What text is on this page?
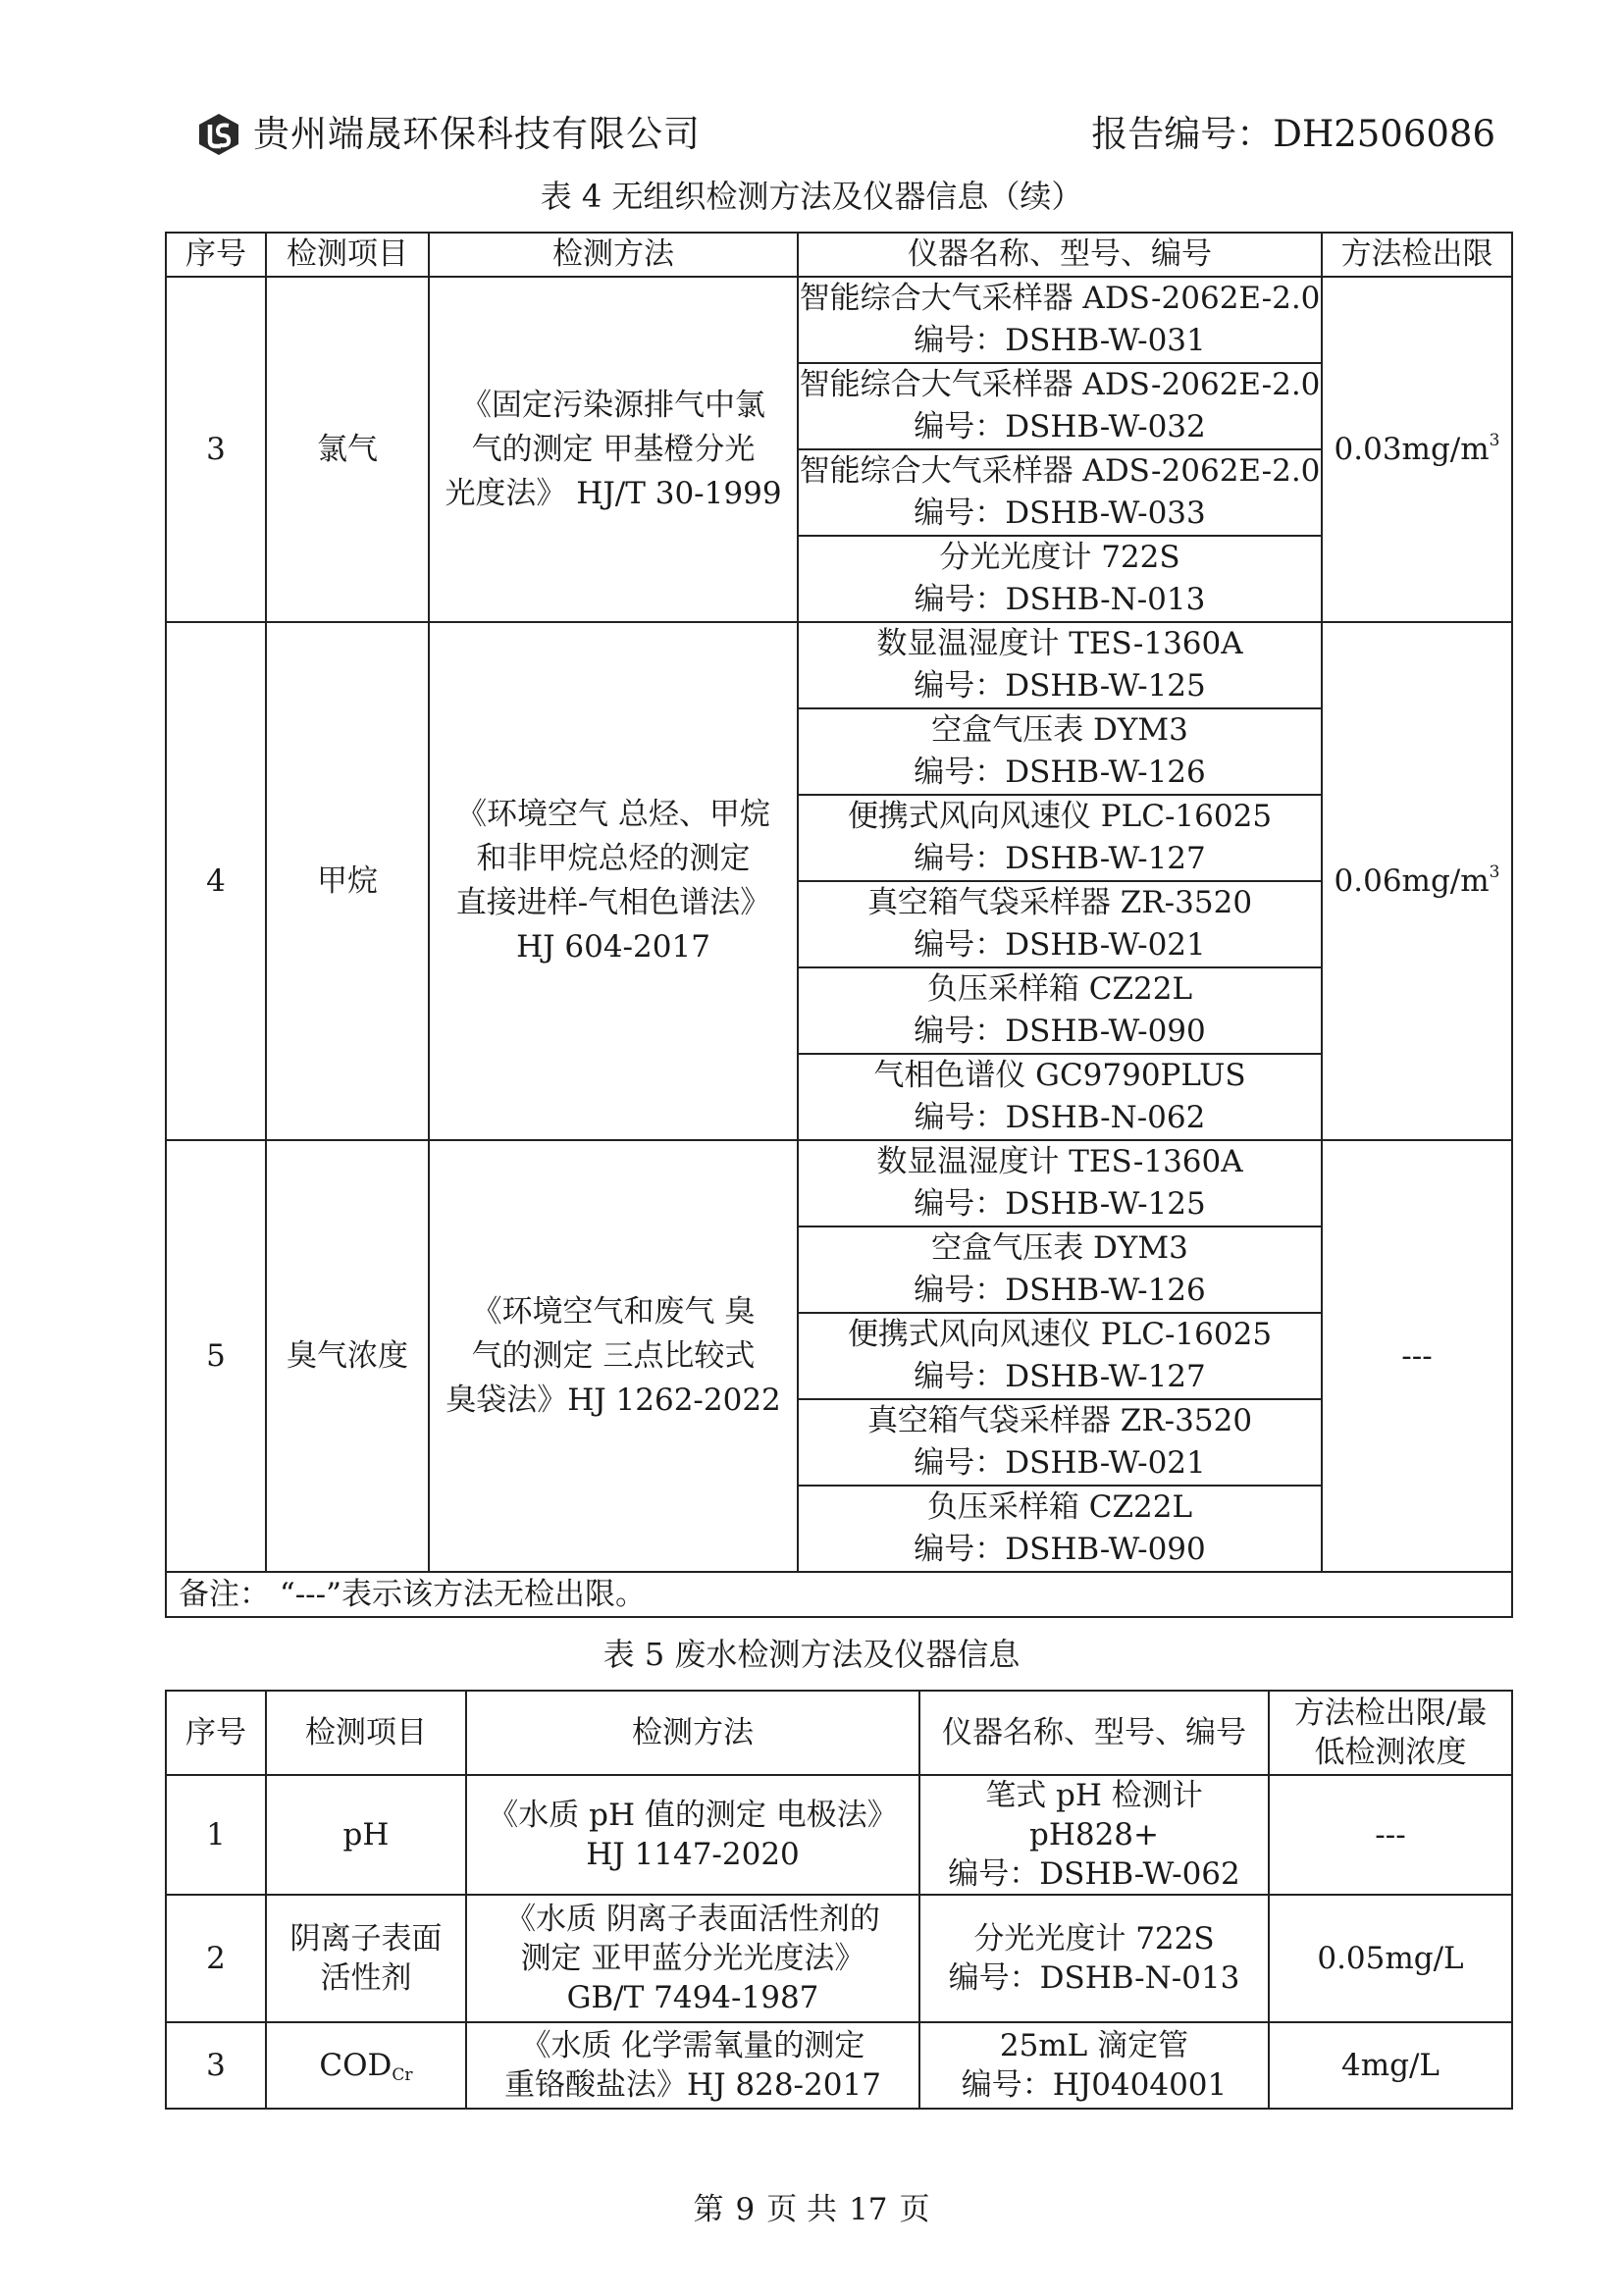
贵州端晟环保科技有限公司	报告编号：DH2506086
表 4 无组织检测方法及仪器信息（续）
序号	检测项目	检测方法	仪器名称、型号、编号	方法检出限
3	氯气	《固定污染源排气中氯
气的测定 甲基橙分光
光度法》 HJ/T 30-1999	智能综合大气采样器 ADS-2062E-2.0
编号：DSHB-W-031	$0.03mg/m^3$
			智能综合大气采样器 ADS-2062E-2.0
编号：DSHB-W-032	
			智能综合大气采样器 ADS-2062E-2.0
编号：DSHB-W-033	
			分光光度计 722S
编号：DSHB-N-013	
4	甲烷	《环境空气 总烃、甲烷
和非甲烷总烃的测定
直接进样-气相色谱法》
HJ 604-2017	数显温湿度计 TES-1360A
编号：DSHB-W-125	$0.06mg/m^3$
			空盒气压表 DYM3
编号：DSHB-W-126	
			便携式风向风速仪 PLC-16025
编号：DSHB-W-127	
			真空箱气袋采样器 ZR-3520
编号：DSHB-W-021	
			负压采样箱 CZ22L
编号：DSHB-W-090	
			气相色谱仪 GC9790PLUS
编号：DSHB-N-062	
5	臭气浓度	《环境空气和废气 臭
气的测定 三点比较式
臭袋法》HJ 1262-2022	数显温湿度计 TES-1360A
编号：DSHB-W-125	---
			空盒气压表 DYM3
编号：DSHB-W-126	
			便携式风向风速仪 PLC-16025
编号：DSHB-W-127	
			真空箱气袋采样器 ZR-3520
编号：DSHB-W-021	
			负压采样箱 CZ22L
编号：DSHB-W-090	
备注： “---”表示该方法无检出限。				
表 5 废水检测方法及仪器信息
序号	检测项目	检测方法	仪器名称、型号、编号	方法检出限/最
低检测浓度
1	pH	《水质 pH 值的测定 电极法》
HJ 1147-2020	笔式 pH 检测计 pH828+
编号：DSHB-W-062	---
2	阴离子表面
活性剂	《水质 阴离子表面活性剂的
测定 亚甲蓝分光光度法》
GB/T 7494-1987	分光光度计 722S
编号：DSHB-N-013	0.05mg/L
3	$COD_{Cr}$	《水质 化学需氧量的测定
重铬酸盐法》HJ 828-2017	25mL 滴定管
编号：HJ0404001	4mg/L
第 9 页 共 17 页
